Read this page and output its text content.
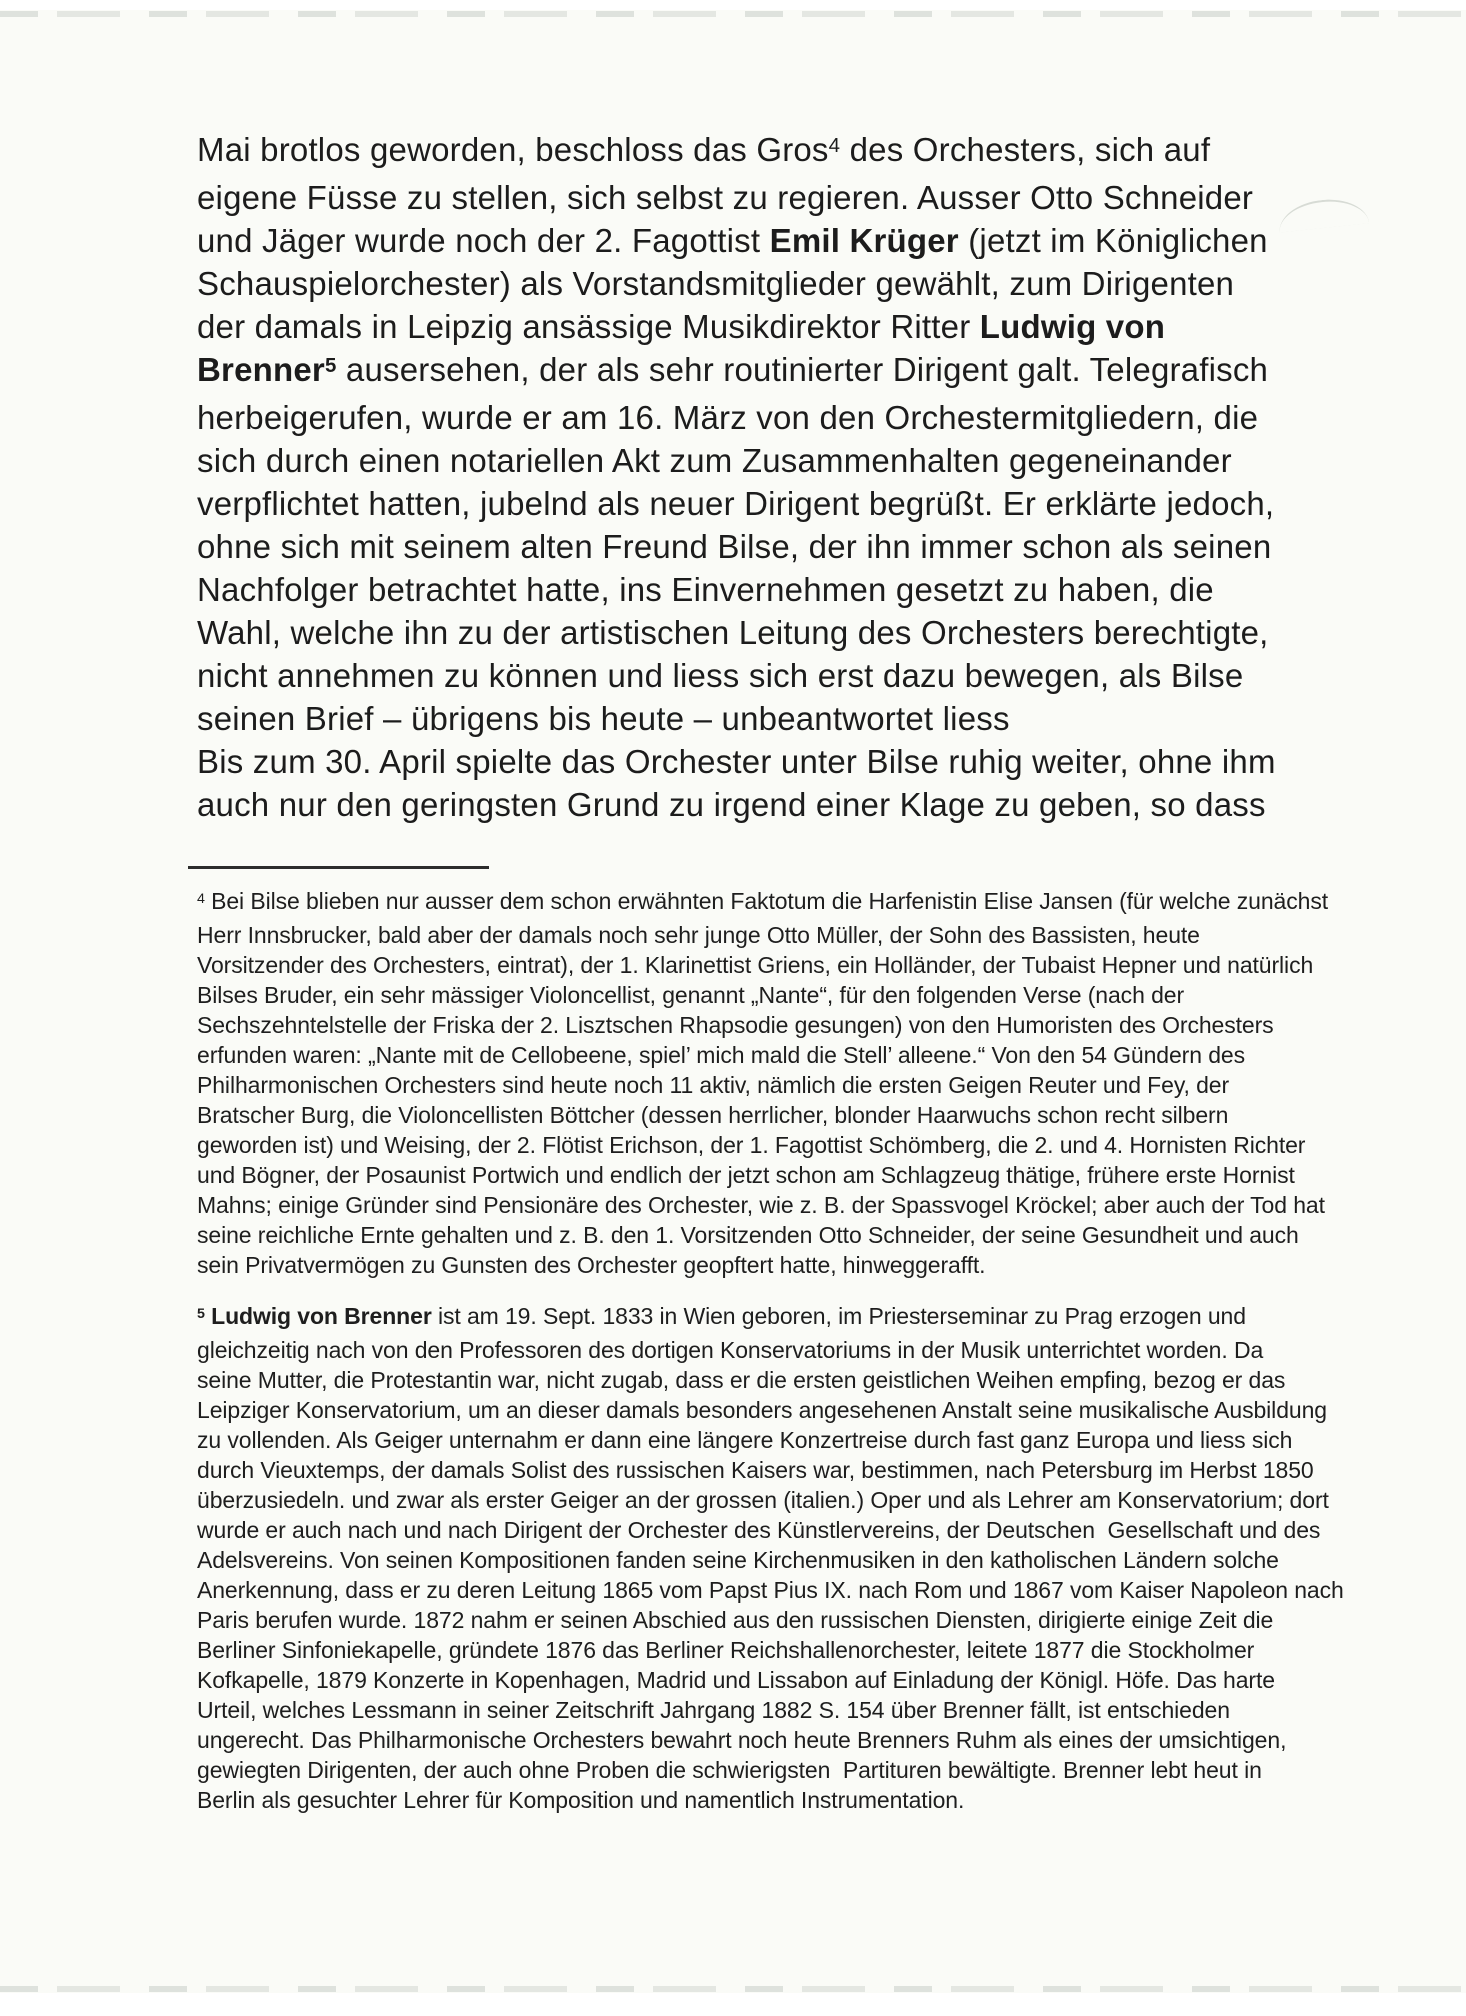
Mai brotlos geworden, beschloss das Gros$^4$ des Orchesters, sich auf
eigene Füsse zu stellen, sich selbst zu regieren. Ausser Otto Schneider
und Jäger wurde noch der 2. Fagottist Emil Krüger (jetzt im Königlichen
Schauspielorchester) als Vorstandsmitglieder gewählt, zum Dirigenten
der damals in Leipzig ansässige Musikdirektor Ritter Ludwig von
Brenner$^5$ ausersehen, der als sehr routinierter Dirigent galt. Telegrafisch
herbeigerufen, wurde er am 16. März von den Orchestermitgliedern, die
sich durch einen notariellen Akt zum Zusammenhalten gegeneinander
verpflichtet hatten, jubelnd als neuer Dirigent begrüßt. Er erklärte jedoch,
ohne sich mit seinem alten Freund Bilse, der ihn immer schon als seinen
Nachfolger betrachtet hatte, ins Einvernehmen gesetzt zu haben, die
Wahl, welche ihn zu der artistischen Leitung des Orchesters berechtigte,
nicht annehmen zu können und liess sich erst dazu bewegen, als Bilse
seinen Brief – übrigens bis heute – unbeantwortet liess
Bis zum 30. April spielte das Orchester unter Bilse ruhig weiter, ohne ihm
auch nur den geringsten Grund zu irgend einer Klage zu geben, so dass
$^4$ Bei Bilse blieben nur ausser dem schon erwähnten Faktotum die Harfenistin Elise Jansen (für welche zunächst
Herr Innsbrucker, bald aber der damals noch sehr junge Otto Müller, der Sohn des Bassisten, heute
Vorsitzender des Orchesters, eintrat), der 1. Klarinettist Griens, ein Holländer, der Tubaist Hepner und natürlich
Bilses Bruder, ein sehr mässiger Violoncellist, genannt „Nante“, für den folgenden Verse (nach der
Sechszehntelstelle der Friska der 2. Lisztschen Rhapsodie gesungen) von den Humoristen des Orchesters
erfunden waren: „Nante mit de Cellobeene, spiel’ mich mald die Stell’ alleene.“ Von den 54 Gündern des
Philharmonischen Orchesters sind heute noch 11 aktiv, nämlich die ersten Geigen Reuter und Fey, der
Bratscher Burg, die Violoncellisten Böttcher (dessen herrlicher, blonder Haarwuchs schon recht silbern
geworden ist) und Weising, der 2. Flötist Erichson, der 1. Fagottist Schömberg, die 2. und 4. Hornisten Richter
und Bögner, der Posaunist Portwich und endlich der jetzt schon am Schlagzeug thätige, frühere erste Hornist
Mahns; einige Gründer sind Pensionäre des Orchester, wie z. B. der Spassvogel Kröckel; aber auch der Tod hat
seine reichliche Ernte gehalten und z. B. den 1. Vorsitzenden Otto Schneider, der seine Gesundheit und auch
sein Privatvermögen zu Gunsten des Orchester geopftert hatte, hinweggerafft.
$^5$ Ludwig von Brenner ist am 19. Sept. 1833 in Wien geboren, im Priesterseminar zu Prag erzogen und
gleichzeitig nach von den Professoren des dortigen Konservatoriums in der Musik unterrichtet worden. Da
seine Mutter, die Protestantin war, nicht zugab, dass er die ersten geistlichen Weihen empfing, bezog er das
Leipziger Konservatorium, um an dieser damals besonders angesehenen Anstalt seine musikalische Ausbildung
zu vollenden. Als Geiger unternahm er dann eine längere Konzertreise durch fast ganz Europa und liess sich
durch Vieuxtemps, der damals Solist des russischen Kaisers war, bestimmen, nach Petersburg im Herbst 1850
überzusiedeln. und zwar als erster Geiger an der grossen (italien.) Oper und als Lehrer am Konservatorium; dort
wurde er auch nach und nach Dirigent der Orchester des Künstlervereins, der Deutschen  Gesellschaft und des
Adelsvereins. Von seinen Kompositionen fanden seine Kirchenmusiken in den katholischen Ländern solche
Anerkennung, dass er zu deren Leitung 1865 vom Papst Pius IX. nach Rom und 1867 vom Kaiser Napoleon nach
Paris berufen wurde. 1872 nahm er seinen Abschied aus den russischen Diensten, dirigierte einige Zeit die
Berliner Sinfoniekapelle, gründete 1876 das Berliner Reichshallenorchester, leitete 1877 die Stockholmer
Kofkapelle, 1879 Konzerte in Kopenhagen, Madrid und Lissabon auf Einladung der Königl. Höfe. Das harte
Urteil, welches Lessmann in seiner Zeitschrift Jahrgang 1882 S. 154 über Brenner fällt, ist entschieden
ungerecht. Das Philharmonische Orchesters bewahrt noch heute Brenners Ruhm als eines der umsichtigen,
gewiegten Dirigenten, der auch ohne Proben die schwierigsten  Partituren bewältigte. Brenner lebt heut in
Berlin als gesuchter Lehrer für Komposition und namentlich Instrumentation.
